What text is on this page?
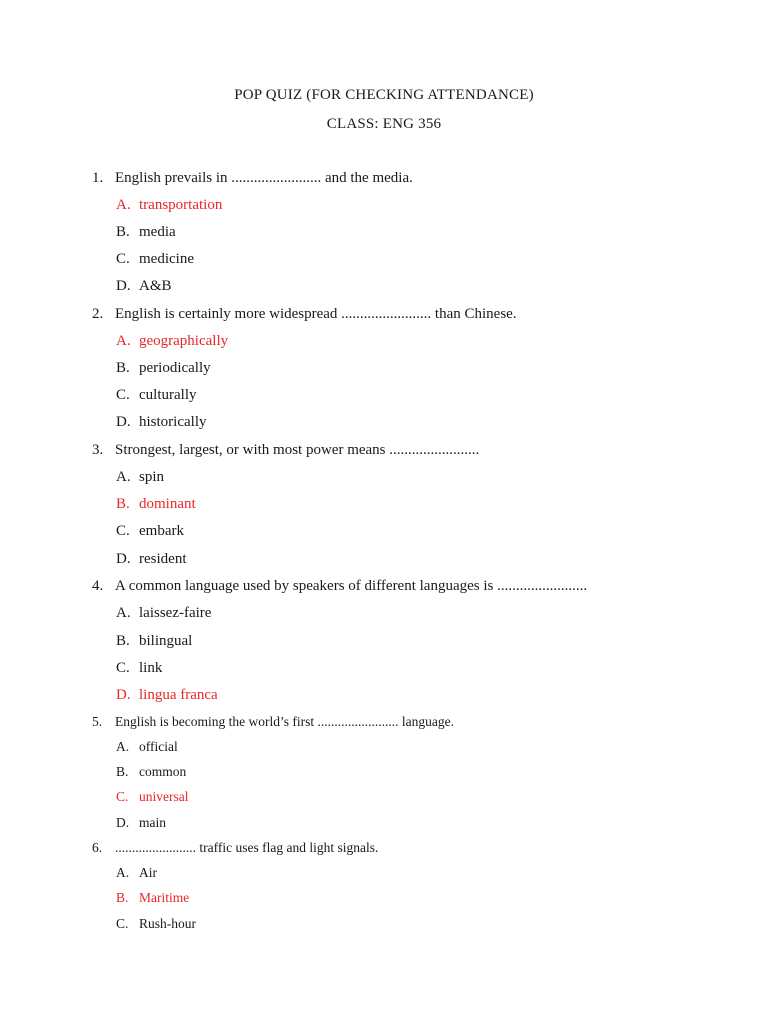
POP QUIZ (FOR CHECKING ATTENDANCE)
CLASS: ENG 356
1. English prevails in ........................ and the media.
A. transportation
B. media
C. medicine
D. A&B
2. English is certainly more widespread ........................ than Chinese.
A. geographically
B. periodically
C. culturally
D. historically
3. Strongest, largest, or with most power means ........................
A. spin
B. dominant
C. embark
D. resident
4. A common language used by speakers of different languages is ........................
A. laissez-faire
B. bilingual
C. link
D. lingua franca
5. English is becoming the world’s first ........................ language.
A. official
B. common
C. universal
D. main
6. ........................ traffic uses flag and light signals.
A. Air
B. Maritime
C. Rush-hour
